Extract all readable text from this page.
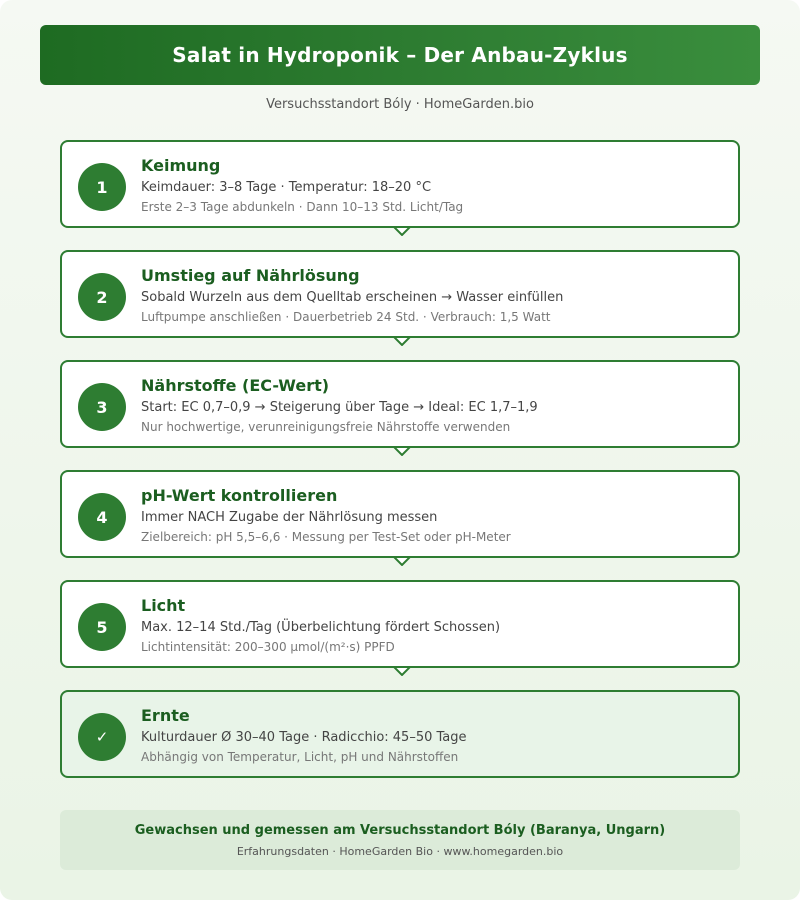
Salat in Hydroponik – Der Anbau-Zyklus
Versuchsstandort Bóly · HomeGarden.bio
1
Keimung
Keimdauer: 3–8 Tage · Temperatur: 18–20 °C
Erste 2–3 Tage abdunkeln · Dann 10–13 Std. Licht/Tag
2
Umstieg auf Nährlösung
Sobald Wurzeln aus dem Quelltab erscheinen → Wasser einfüllen
Luftpumpe anschließen · Dauerbetrieb 24 Std. · Verbrauch: 1,5 Watt
3
Nährstoffe (EC-Wert)
Start: EC 0,7–0,9 → Steigerung über Tage → Ideal: EC 1,7–1,9
Nur hochwertige, verunreinigungsfreie Nährstoffe verwenden
4
pH-Wert kontrollieren
Immer NACH Zugabe der Nährlösung messen
Zielbereich: pH 5,5–6,6 · Messung per Test-Set oder pH-Meter
5
Licht
Max. 12–14 Std./Tag (Überbelichtung fördert Schossen)
Lichtintensität: 200–300 µmol/(m²·s) PPFD
✓
Ernte
Kulturdauer Ø 30–40 Tage · Radicchio: 45–50 Tage
Abhängig von Temperatur, Licht, pH und Nährstoffen
Gewachsen und gemessen am Versuchsstandort Bóly (Baranya, Ungarn)
Erfahrungsdaten · HomeGarden Bio · www.homegarden.bio
